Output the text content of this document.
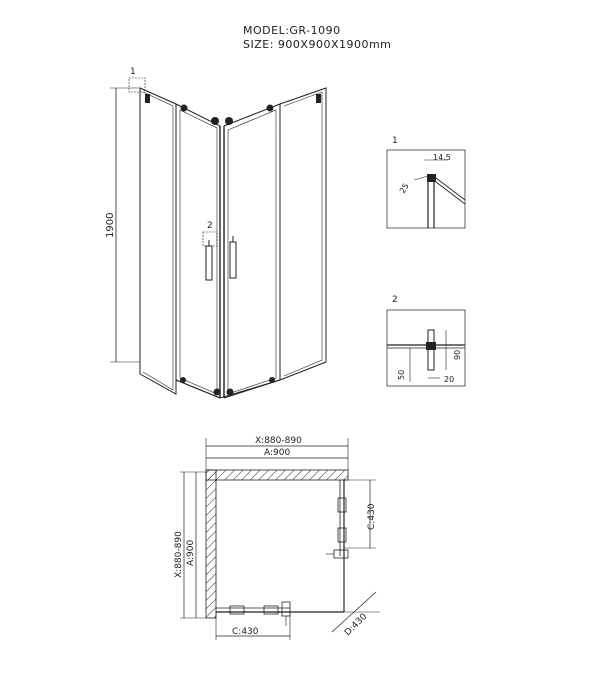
MODEL:GR-1090
SIZE: 900X900X1900mm
1900
1
2
1
14.5
25
2
90
50	20
X:880-890
A:900
X:880-890 A:900
C:430
C:430	D:430
